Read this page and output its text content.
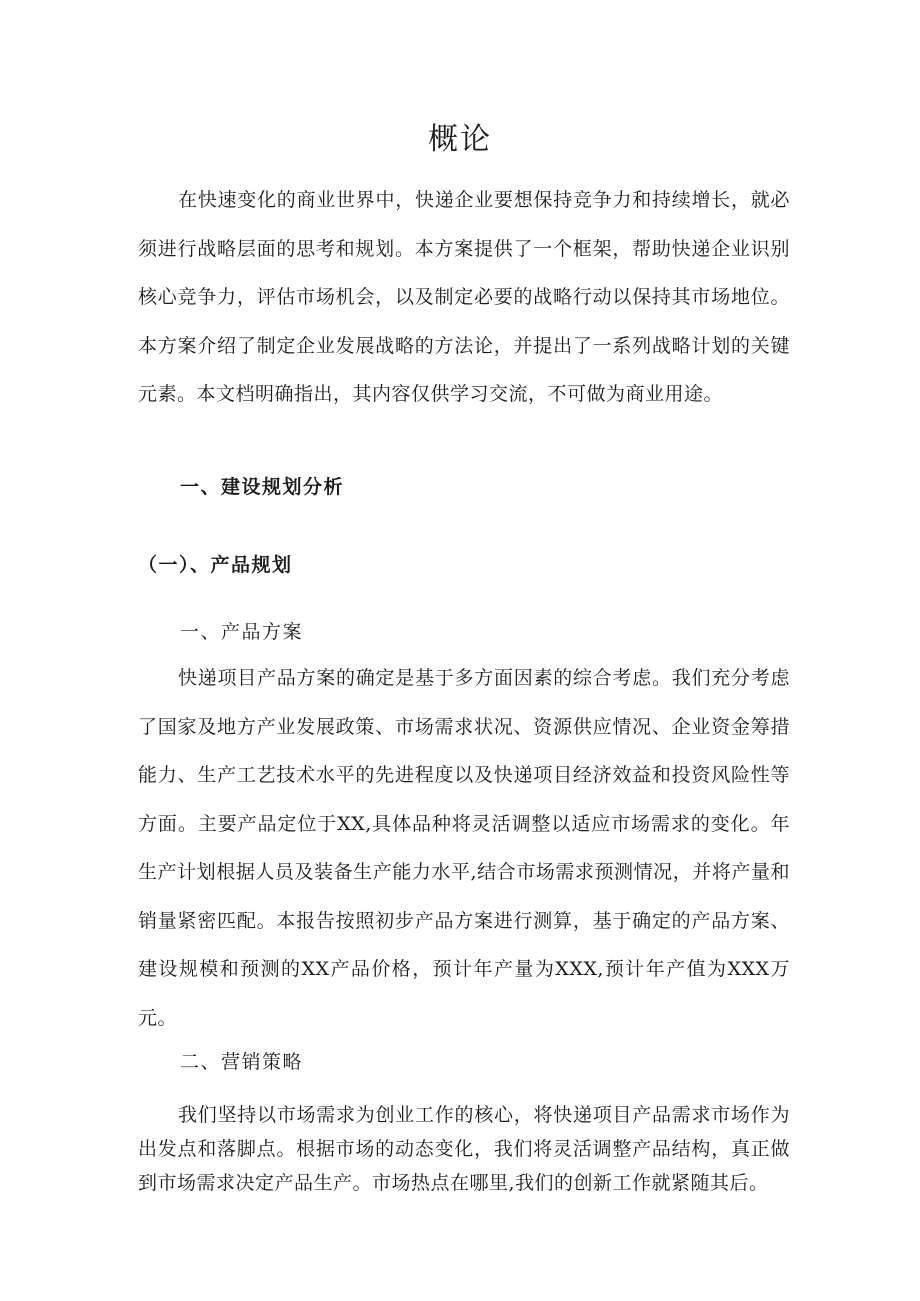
概论

在快速变化的商业世界中，快递企业要想保持竞争力和持续增长，就必须进行战略层面的思考和规划。本方案提供了一个框架，帮助快递企业识别核心竞争力，评估市场机会，以及制定必要的战略行动以保持其市场地位。本方案介绍了制定企业发展战略的方法论，并提出了一系列战略计划的关键元素。本文档明确指出，其内容仅供学习交流，不可做为商业用途。

一、建设规划分析
（一）、产品规划
一、产品方案

快递项目产品方案的确定是基于多方面因素的综合考虑。我们充分考虑了国家及地方产业发展政策、市场需求状况、资源供应情况、企业资金筹措能力、生产工艺技术水平的先进程度以及快递项目经济效益和投资风险性等方面。主要产品定位于XX,具体品种将灵活调整以适应市场需求的变化。年生产计划根据人员及装备生产能力水平,结合市场需求预测情况，并将产量和销量紧密匹配。本报告按照初步产品方案进行测算，基于确定的产品方案、建设规模和预测的XX产品价格，预计年产量为XXX,预计年产值为XXX万元。

二、营销策略

我们坚持以市场需求为创业工作的核心，将快递项目产品需求市场作为出发点和落脚点。根据市场的动态变化，我们将灵活调整产品结构，真正做到市场需求决定产品生产。市场热点在哪里,我们的创新工作就紧随其后。
